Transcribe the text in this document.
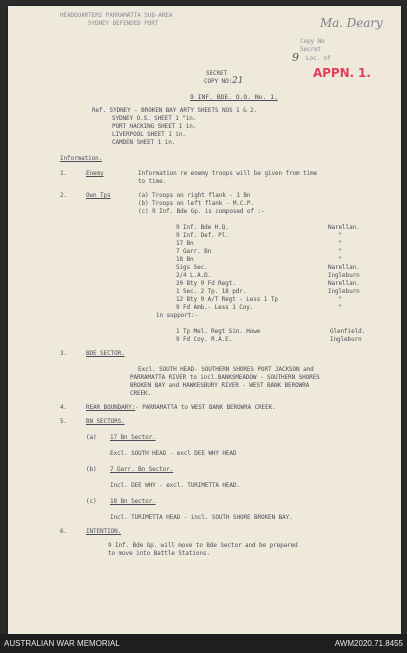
HEADQUARTERS PARRAMATTA SUB-AREA
SYDNEY DEFENDED PORT	Ma. Deary
Copy No
Secret
9 Loc. of
APPN. 1.
SECRET
COPY NO:21
9 INF. BDE. O.O. No. 1.
Ref. SYDNEY - BROKEN BAY ARTY SHEETS NOS 1 & 2.
SYDNEY O.S. SHEET 1 "in.
PORT HACKING SHEET 1 in.
LIVERPOOL SHEET 1 in.
CAMDEN SHEET 1 in.
Information.
1.	Enemy	Information re enemy troops will be given from time
to time.
2.	Own Tps	(a) Troops on right flank - 1 Bn
(b) Troops on left flank - M.C.P.
(c) 9 Inf. Bde Gp. is composed of :-
9 Inf. Bde H.Q.	Narellan.
9 Inf. Def. Pl.	"
17 Bn	"
7 Garr. Bn	"
18 Bn	"
Sigs Sec.	Narellan.
2/4 L.A.D.	Ingleburn
20 Bty 9 Fd Regt.	Narellan.
1 Sec. 2 Tp. 18 pdr.	Ingleburn
12 Bty 9 A/T Regt - Less 1 Tp	"
9 Fd Amb.- Less 1 Coy.	"
in support:-
1 Tp Mel. Regt Sin. Howe	Glenfield.
9 Fd Coy. R.A.E.	Ingleburn
3.	BDE SECTOR.
Excl. SOUTH HEAD- SOUTHERN SHORES PORT JACKSON and
PARRAMATTA RIVER to incl.BANKSMEADOW - SOUTHERN SHORES
BROKEN BAY and HAWKESBURY RIVER - WEST BANK BEROWRA
CREEK.
4.	REAR BOUNDARY:- PARRAMATTA to WEST BANK BEROWRA CREEK.
5.	BN SECTORS.
(a) 17 Bn Sector.
Excl. SOUTH HEAD - excl DEE WHY HEAD
(b) 7 Garr. Bn Sector.
Incl. DEE WHY - excl. TURIMETTA HEAD.
(c) 18 Bn Sector.
Incl. TURIMETTA HEAD - incl. SOUTH SHORE BROKEN BAY.
6.	INTENTION.
9 Inf. Bde Gp. will move to Bde Sector and be prepared
to move into Battle Stations.
AUSTRALIAN WAR MEMORIAL	AWM2020.71.8455
